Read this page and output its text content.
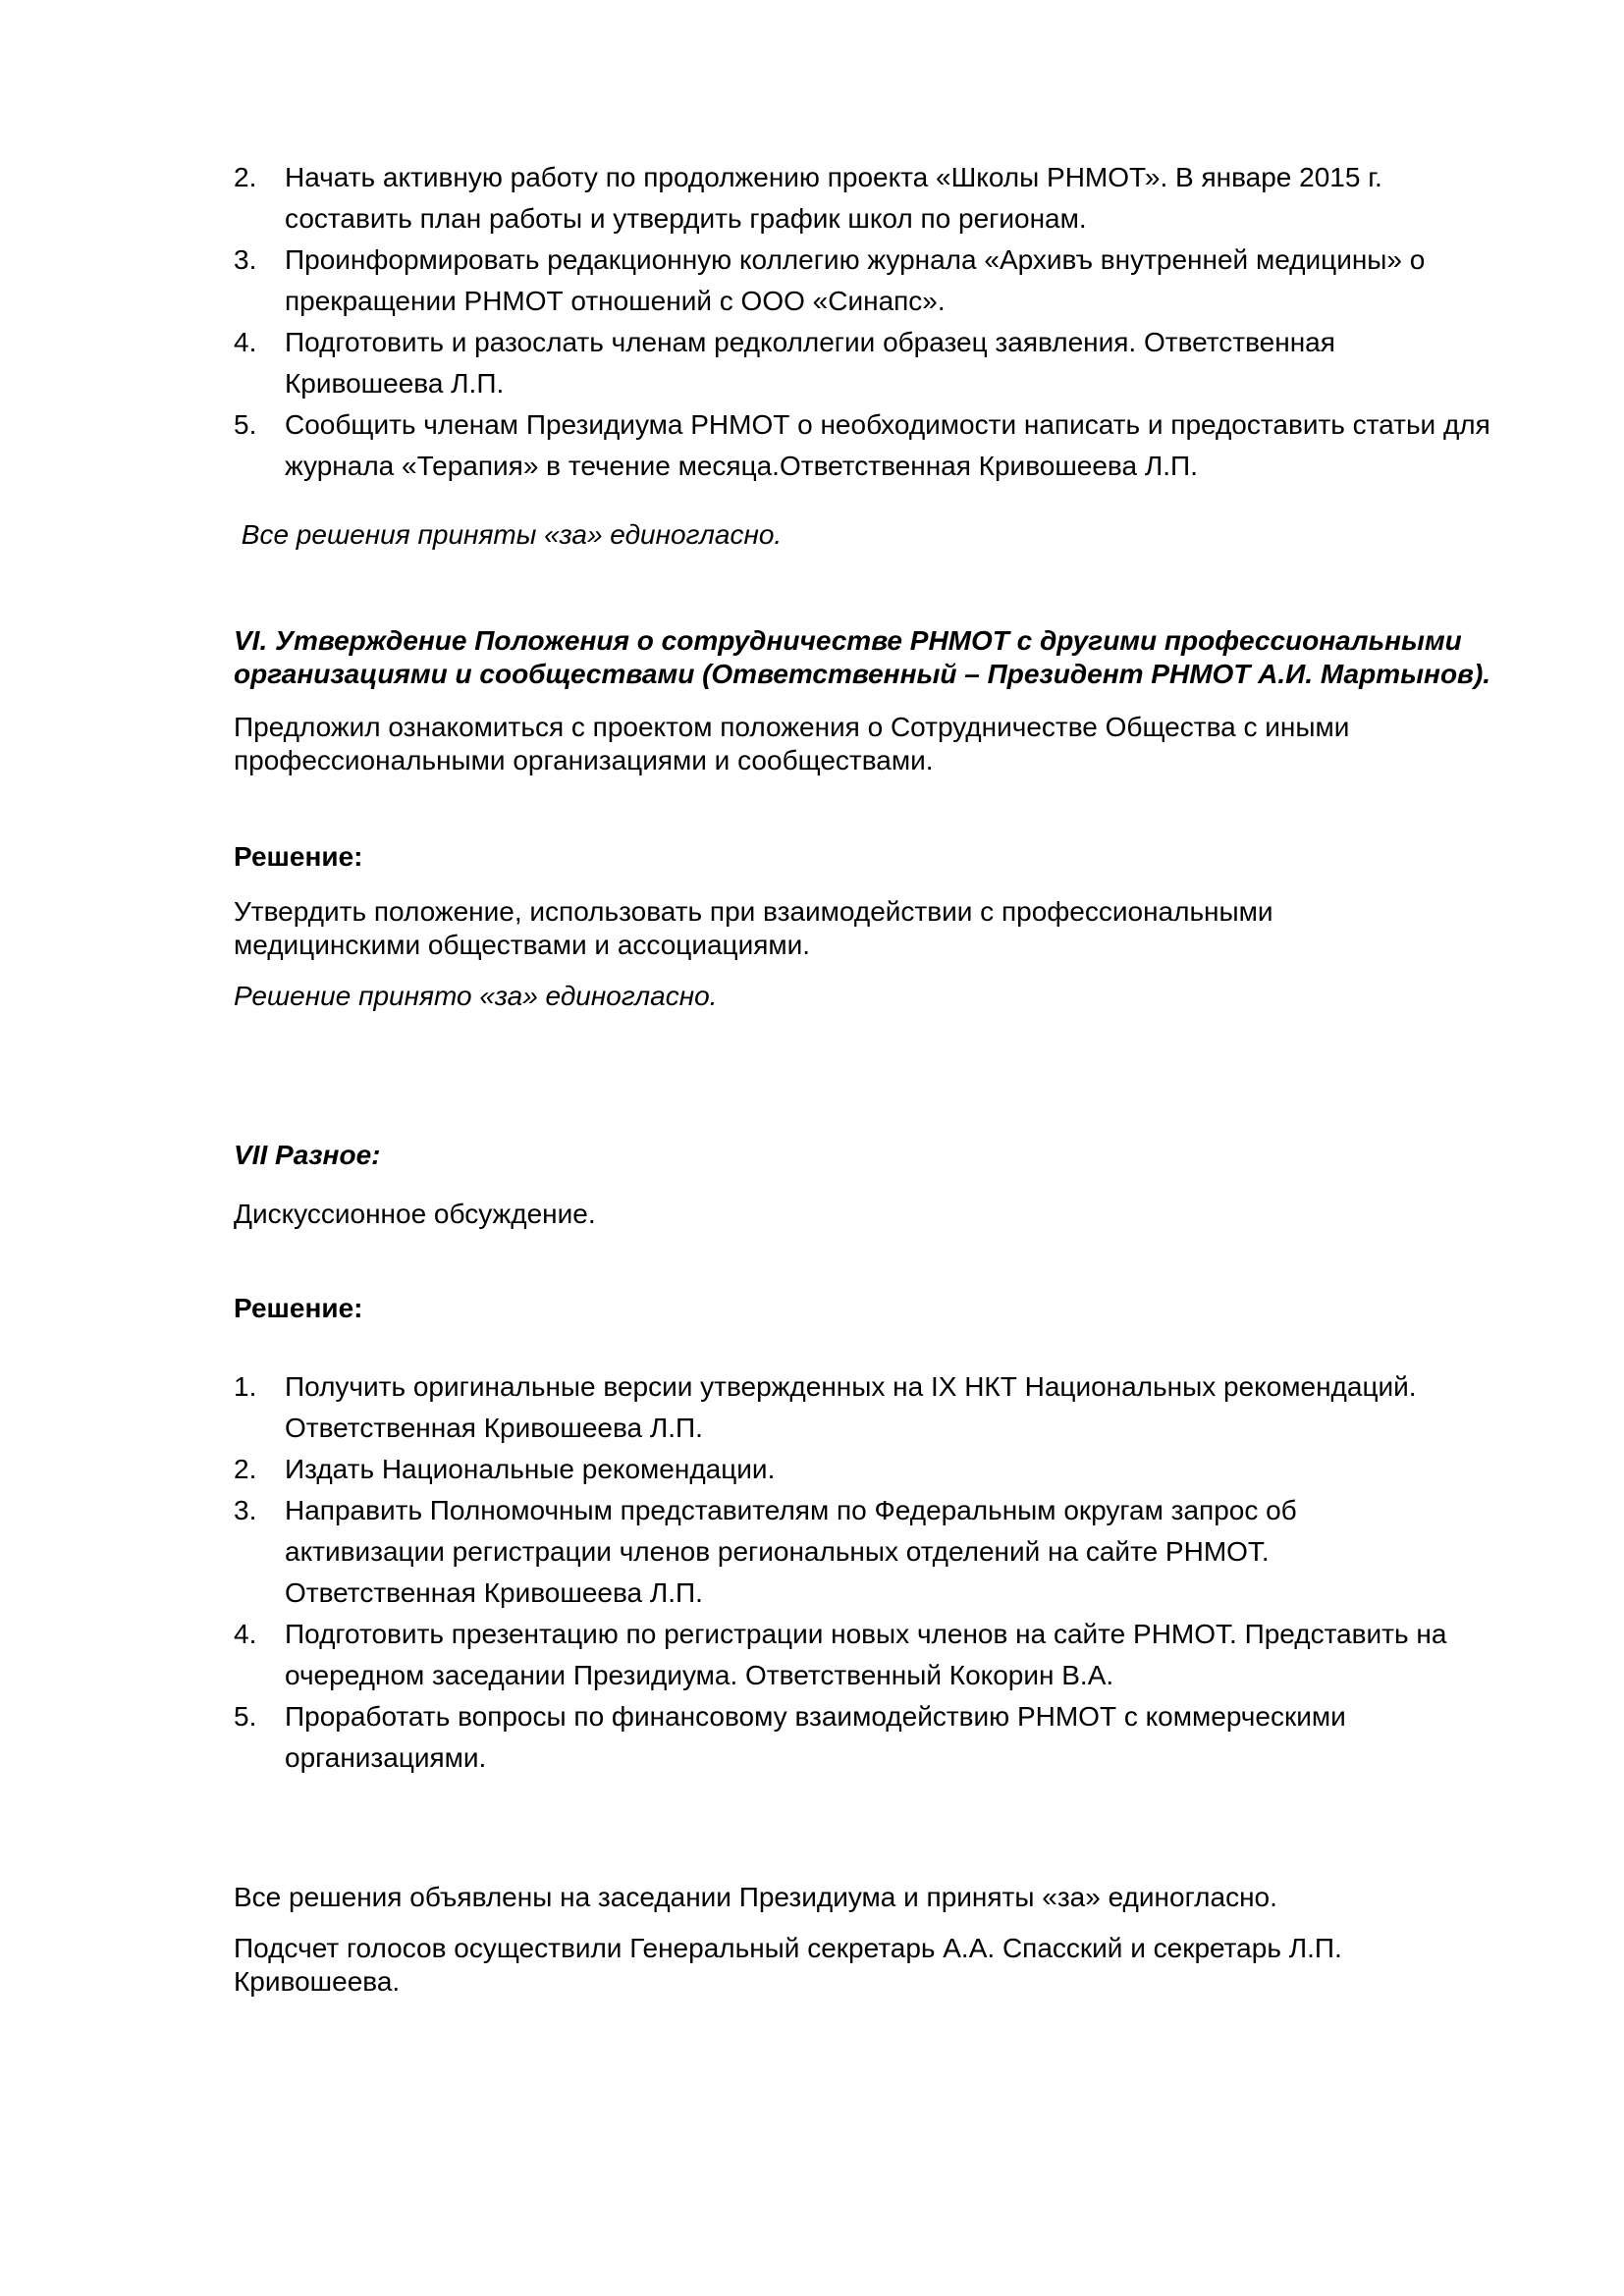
2.	Начать активную работу по продолжению проекта «Школы РНМОТ». В январе 2015 г. составить план работы и утвердить график школ по регионам.
3.	Проинформировать редакционную коллегию журнала «Архивъ внутренней медицины» о прекращении РНМОТ отношений с ООО «Синапс».
4.	Подготовить и разослать членам редколлегии образец заявления. Ответственная Кривошеева Л.П.
5.	Сообщить членам Президиума РНМОТ о необходимости написать и предоставить статьи для журнала «Терапия» в течение месяца.Ответственная Кривошеева Л.П.

Все решения приняты «за» единогласно.

VI. Утверждение Положения о сотрудничестве РНМОТ с другими профессиональными организациями и сообществами (Ответственный – Президент РНМОТ А.И. Мартынов).

Предложил ознакомиться с проектом положения о Сотрудничестве Общества с иными профессиональными организациями и сообществами.

Решение:

Утвердить положение, использовать при взаимодействии с профессиональными медицинскими обществами и ассоциациями.

Решение принято «за» единогласно.

VII Разное:

Дискуссионное обсуждение.

Решение:

1.	Получить оригинальные версии утвержденных на IX НКТ Национальных рекомендаций. Ответственная Кривошеева Л.П.
2.	Издать Национальные рекомендации.
3.	Направить Полномочным представителям по Федеральным округам запрос об активизации регистрации членов региональных отделений на сайте РНМОТ. Ответственная Кривошеева Л.П.
4.	Подготовить презентацию по регистрации новых членов на сайте РНМОТ. Представить на очередном заседании Президиума. Ответственный Кокорин В.А.
5.	Проработать вопросы по финансовому взаимодействию РНМОТ с коммерческими организациями.

Все решения объявлены на заседании Президиума и приняты «за» единогласно.

Подсчет голосов осуществили Генеральный секретарь А.А. Спасский и секретарь Л.П. Кривошеева.
